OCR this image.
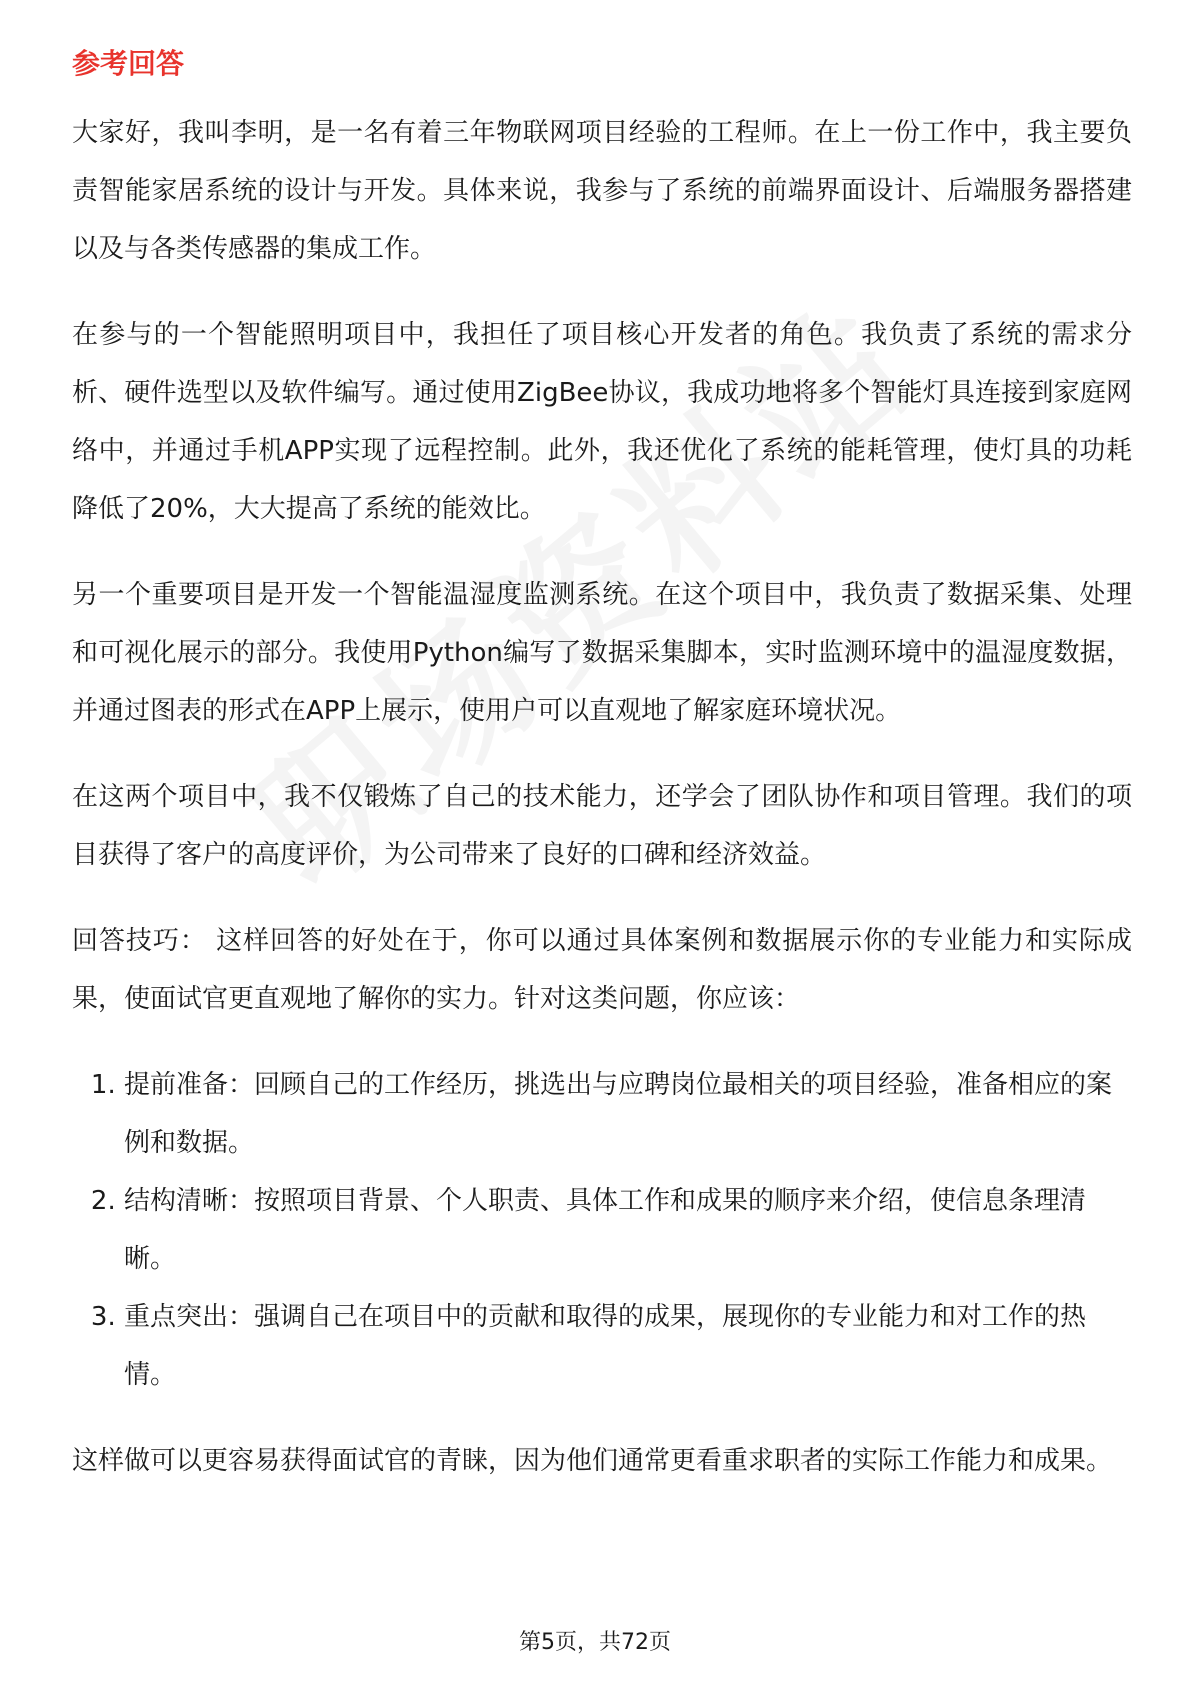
参考回答

大家好，我叫李明，是一名有着三年物联网项目经验的工程师。在上一份工作中，我主要负责智能家居系统的设计与开发。具体来说，我参与了系统的前端界面设计、后端服务器搭建以及与各类传感器的集成工作。

在参与的一个智能照明项目中，我担任了项目核心开发者的角色。我负责了系统的需求分析、硬件选型以及软件编写。通过使用ZigBee协议，我成功地将多个智能灯具连接到家庭网络中，并通过手机APP实现了远程控制。此外，我还优化了系统的能耗管理，使灯具的功耗降低了20%，大大提高了系统的能效比。

另一个重要项目是开发一个智能温湿度监测系统。在这个项目中，我负责了数据采集、处理和可视化展示的部分。我使用Python编写了数据采集脚本，实时监测环境中的温湿度数据，并通过图表的形式在APP上展示，使用户可以直观地了解家庭环境状况。

在这两个项目中，我不仅锻炼了自己的技术能力，还学会了团队协作和项目管理。我们的项目获得了客户的高度评价，为公司带来了良好的口碑和经济效益。

回答技巧： 这样回答的好处在于，你可以通过具体案例和数据展示你的专业能力和实际成果，使面试官更直观地了解你的实力。针对这类问题，你应该：

1. 提前准备：回顾自己的工作经历，挑选出与应聘岗位最相关的项目经验，准备相应的案例和数据。
2. 结构清晰：按照项目背景、个人职责、具体工作和成果的顺序来介绍，使信息条理清晰。
3. 重点突出：强调自己在项目中的贡献和取得的成果，展现你的专业能力和对工作的热情。

这样做可以更容易获得面试官的青睐，因为他们通常更看重求职者的实际工作能力和成果。

第5页，共72页
